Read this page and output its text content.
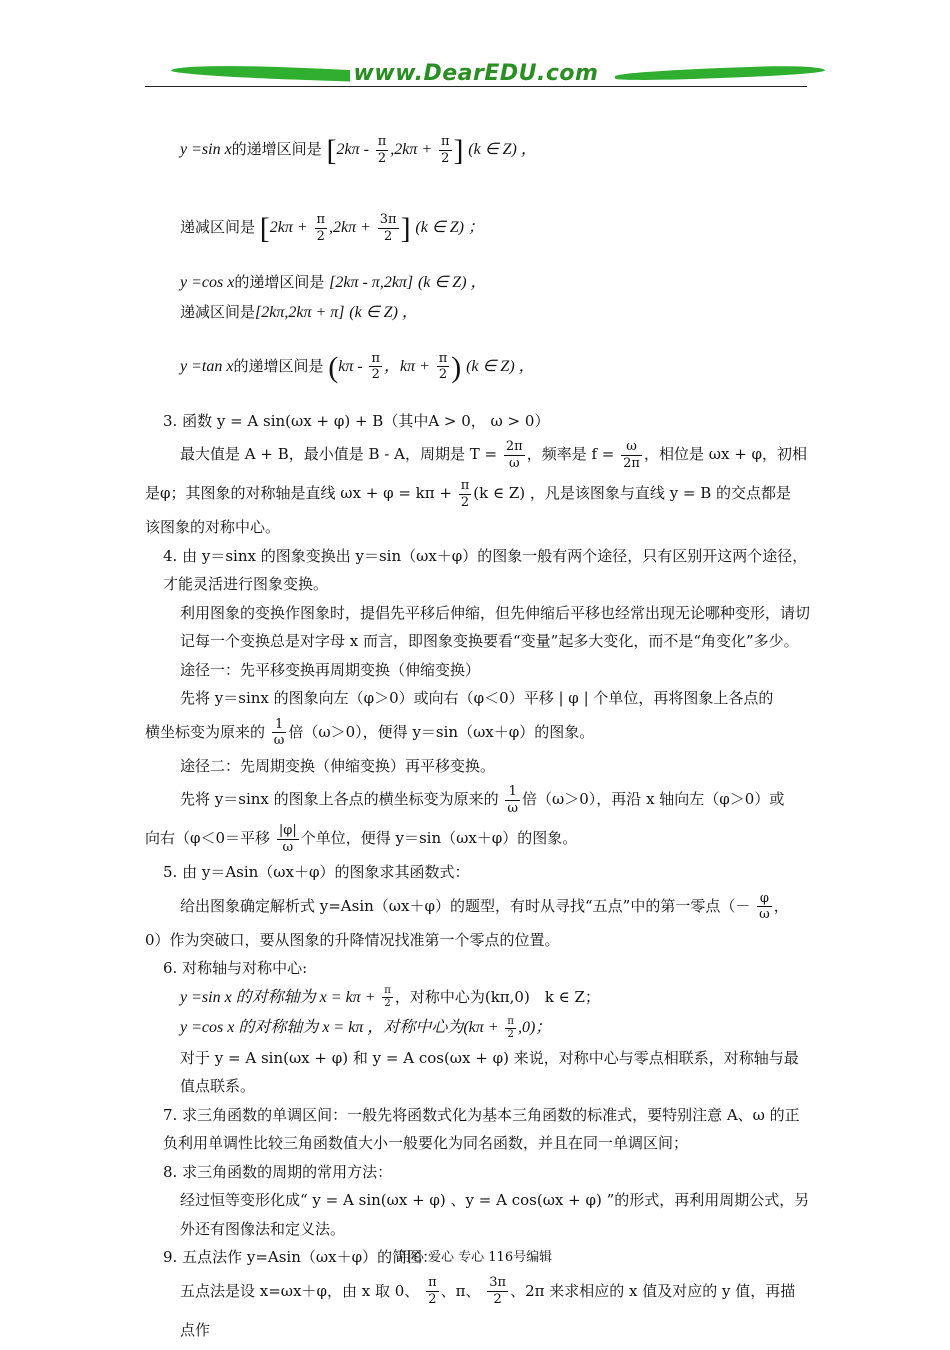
www.DearEDU.com

y =sin x的递增区间是 [$2k\pi - \frac{\pi}{2} ,2k\pi + \frac{\pi}{2}$ ] (k ∈ Z) ，

递减区间是 [$2k\pi + \frac{\pi}{2} ,2k\pi + \frac{3\pi}{2}$ ] (k ∈ Z) ；

y =cos x的递增区间是 [2kπ - π,2kπ] (k ∈ Z) ，

递减区间是[2kπ,2kπ + π] (k ∈ Z) ，

y =tan x的递增区间是 ($k\pi - \frac{\pi}{2}$ ，$k\pi + \frac{\pi}{2}$ ) (k ∈ Z) ，

3. 函数 y = A sin(ωx + φ) + B（其中A > 0， ω > 0）

最大值是 A + B，最小值是 B - A，周期是 $T = \frac{2\pi}{\omega}$ ，频率是 $f = \frac{\omega}{2\pi}$ ，相位是 ωx + φ，初相

是φ；其图象的对称轴是直线 $\omega x + \varphi = k\pi + \frac{\pi}{2} (k$ ∈ Z) ，凡是该图象与直线 y = B 的交点都是

该图象的对称中心。

4. 由 y＝sinx 的图象变换出 y＝sin（ωx＋φ）的图象一般有两个途径，只有区别开这两个途径，才能灵活进行图象变换。

利用图象的变换作图象时，提倡先平移后伸缩，但先伸缩后平移也经常出现无论哪种变形，请切记每一个变换总是对字母 x 而言，即图象变换要看“变量”起多大变化，而不是“角变化”多少。

途径一：先平移变换再周期变换（伸缩变换）

先将 y＝sinx 的图象向左（φ＞0）或向右（φ＜0）平移 | φ | 个单位，再将图象上各点的

横坐标变为原来的 $\frac{1}{\omega}$ 倍（ω＞0），便得 y＝sin（ωx＋φ）的图象。

途径二：先周期变换（伸缩变换）再平移变换。

先将 y＝sinx 的图象上各点的横坐标变为原来的 $\frac{1}{\omega}$ 倍（ω＞0），再沿 x 轴向左（φ＞0）或

向右（φ＜0＝平移 $\frac{|\varphi|}{\omega}$ 个单位，便得 y＝sin（ωx＋φ）的图象。

5. 由 y＝Asin（ωx＋φ）的图象求其函数式：

给出图象确定解析式 y=Asin（ωx＋φ）的题型，有时从寻找“五点”中的第一零点（－ $\frac{\varphi}{\omega}$ ，

0）作为突破口，要从图象的升降情况找准第一个零点的位置。

6. 对称轴与对称中心:

y =sin x 的对称轴为 $x = k\pi + \frac{\pi}{2}$ ，对称中心为(kπ,0)　k ∈ Z；

y =cos x 的对称轴为 x = kπ ，对称中心为$(k\pi + \frac{\pi}{2} ,0)$；

对于 y = A sin(ωx + φ) 和 y = A cos(ωx + φ) 来说，对称中心与零点相联系，对称轴与最值点联系。

7. 求三角函数的单调区间：一般先将函数式化为基本三角函数的标准式，要特别注意 A、ω 的正负利用单调性比较三角函数值大小一般要化为同名函数，并且在同一单调区间；

8. 求三角函数的周期的常用方法：

经过恒等变形化成“ y = A sin(ωx + φ) 、y = A cos(ωx + φ) ”的形式，再利用周期公式，另外还有图像法和定义法。

9. 五点法作 y=Asin（ωx＋φ）的简图：

五点法是设 x=ωx＋φ，由 x 取 0、 $\frac{\pi}{2}$ 、π、 $\frac{3\pi}{2}$ 、2π 来求相应的 x 值及对应的 y 值，再描点作

用心 爱心 专心 116号编辑
